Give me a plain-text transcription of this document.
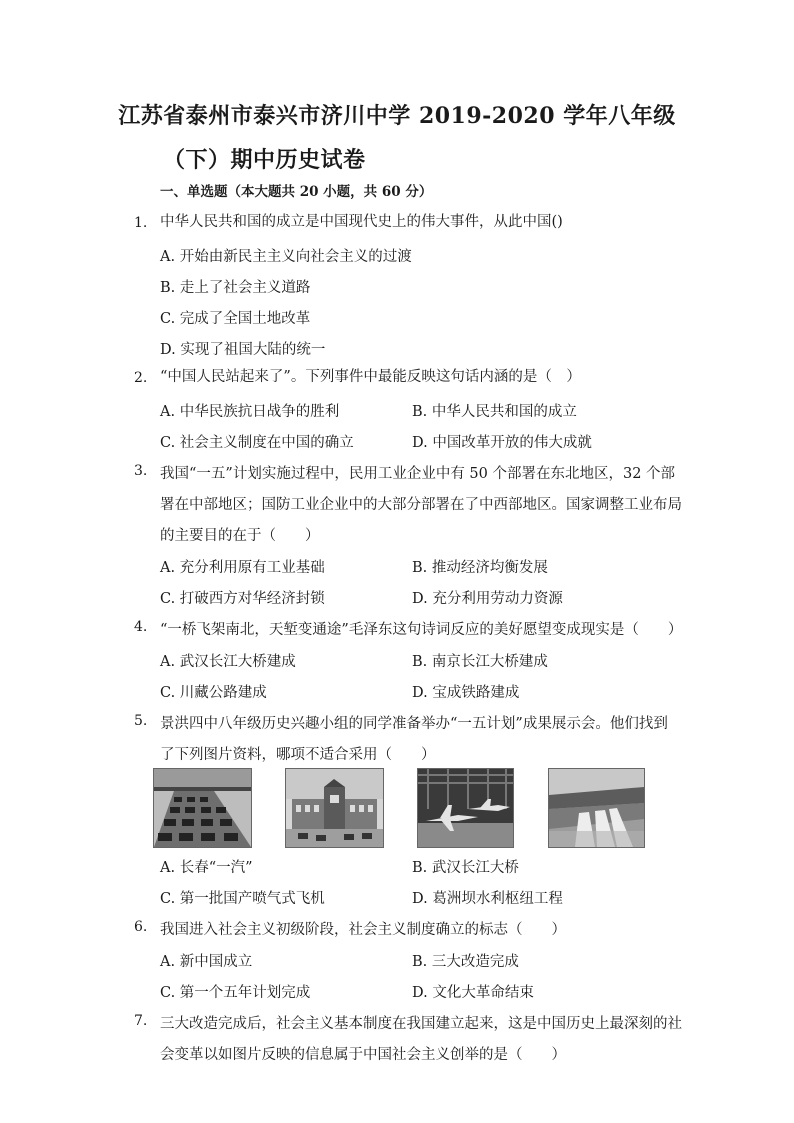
江苏省泰州市泰兴市济川中学 2019-2020 学年八年级
（下）期中历史试卷
一、单选题（本大题共 20 小题，共 60 分）
1. 中华人民共和国的成立是中国现代史上的伟大事件，从此中国()
A. 开始由新民主主义向社会主义的过渡
B. 走上了社会主义道路
C. 完成了全国土地改革
D. 实现了祖国大陆的统一
2. “中国人民站起来了”。下列事件中最能反映这句话内涵的是（　）
A. 中华民族抗日战争的胜利	B. 中华人民共和国的成立
C. 社会主义制度在中国的确立	D. 中国改革开放的伟大成就
3. 我国“一五”计划实施过程中，民用工业企业中有 50 个部署在东北地区，32 个部
署在中部地区；国防工业企业中的大部分部署在了中西部地区。国家调整工业布局
的主要目的在于（　　）
A. 充分利用原有工业基础	B. 推动经济均衡发展
C. 打破西方对华经济封锁	D. 充分利用劳动力资源
4. “一桥飞架南北，天堑变通途”毛泽东这句诗词反应的美好愿望变成现实是（　　）
A. 武汉长江大桥建成	B. 南京长江大桥建成
C. 川藏公路建成	D. 宝成铁路建成
5. 景洪四中八年级历史兴趣小组的同学准备举办“一五计划”成果展示会。他们找到
了下列图片资料，哪项不适合采用（　　）
A. 长春“一汽”	B. 武汉长江大桥
C. 第一批国产喷气式飞机	D. 葛洲坝水利枢纽工程
6. 我国进入社会主义初级阶段，社会主义制度确立的标志（　　）
A. 新中国成立	B. 三大改造完成
C. 第一个五年计划完成	D. 文化大革命结束
7. 三大改造完成后，社会主义基本制度在我国建立起来，这是中国历史上最深刻的社
会变革以如图片反映的信息属于中国社会主义创举的是（　　）
